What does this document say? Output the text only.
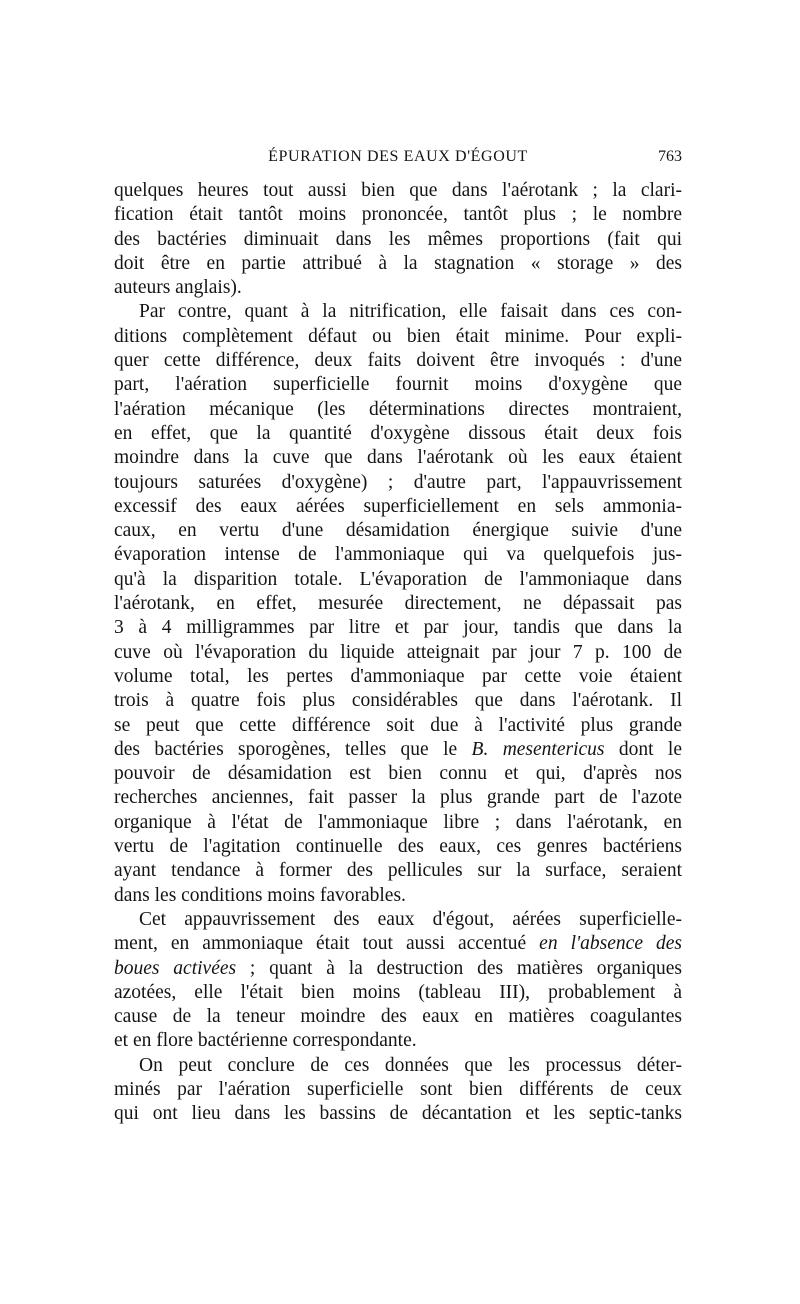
ÉPURATION DES EAUX D'ÉGOUT	763
quelques heures tout aussi bien que dans l'aérotank ; la clari-
fication était tantôt moins prononcée, tantôt plus ; le nombre
des bactéries diminuait dans les mêmes proportions (fait qui
doit être en partie attribué à la stagnation « storage » des
auteurs anglais).
Par contre, quant à la nitrification, elle faisait dans ces con-
ditions complètement défaut ou bien était minime. Pour expli-
quer cette différence, deux faits doivent être invoqués : d'une
part, l'aération superficielle fournit moins d'oxygène que
l'aération mécanique (les déterminations directes montraient,
en effet, que la quantité d'oxygène dissous était deux fois
moindre dans la cuve que dans l'aérotank où les eaux étaient
toujours saturées d'oxygène) ; d'autre part, l'appauvrissement
excessif des eaux aérées superficiellement en sels ammonia-
caux, en vertu d'une désamidation énergique suivie d'une
évaporation intense de l'ammoniaque qui va quelquefois jus-
qu'à la disparition totale. L'évaporation de l'ammoniaque dans
l'aérotank, en effet, mesurée directement, ne dépassait pas
3 à 4 milligrammes par litre et par jour, tandis que dans la
cuve où l'évaporation du liquide atteignait par jour 7 p. 100 de
volume total, les pertes d'ammoniaque par cette voie étaient
trois à quatre fois plus considérables que dans l'aérotank. Il
se peut que cette différence soit due à l'activité plus grande
des bactéries sporogènes, telles que le B. mesentericus dont le
pouvoir de désamidation est bien connu et qui, d'après nos
recherches anciennes, fait passer la plus grande part de l'azote
organique à l'état de l'ammoniaque libre ; dans l'aérotank, en
vertu de l'agitation continuelle des eaux, ces genres bactériens
ayant tendance à former des pellicules sur la surface, seraient
dans les conditions moins favorables.
Cet appauvrissement des eaux d'égout, aérées superficielle-
ment, en ammoniaque était tout aussi accentué en l'absence des
boues activées ; quant à la destruction des matières organiques
azotées, elle l'était bien moins (tableau III), probablement à
cause de la teneur moindre des eaux en matières coagulantes
et en flore bactérienne correspondante.
On peut conclure de ces données que les processus déter-
minés par l'aération superficielle sont bien différents de ceux
qui ont lieu dans les bassins de décantation et les septic-tanks
